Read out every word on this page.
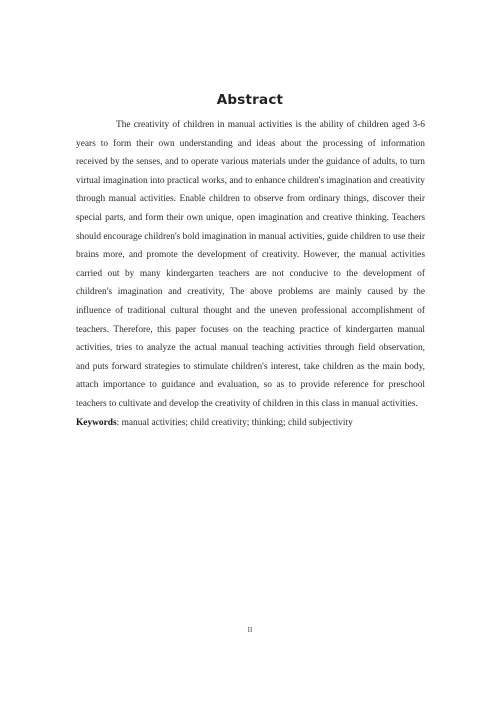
Abstract

The creativity of children in manual activities is the ability of children aged 3-6 years to form their own understanding and ideas about the processing of information received by the senses, and to operate various materials under the guidance of adults, to turn virtual imagination into practical works, and to enhance children's imagination and creativity through manual activities. Enable children to observe from ordinary things, discover their special parts, and form their own unique, open imagination and creative thinking. Teachers should encourage children's bold imagination in manual activities, guide children to use their brains more, and promote the development of creativity. However, the manual activities carried out by many kindergarten teachers are not conducive to the development of children's imagination and creativity, The above problems are mainly caused by the influence of traditional cultural thought and the uneven professional accomplishment of teachers. Therefore, this paper focuses on the teaching practice of kindergarten manual activities, tries to analyze the actual manual teaching activities through field observation, and puts forward strategies to stimulate children's interest, take children as the main body, attach importance to guidance and evaluation, so as to provide reference for preschool teachers to cultivate and develop the creativity of children in this class in manual activities.

Keywords: manual activities; child creativity; thinking; child subjectivity

II
